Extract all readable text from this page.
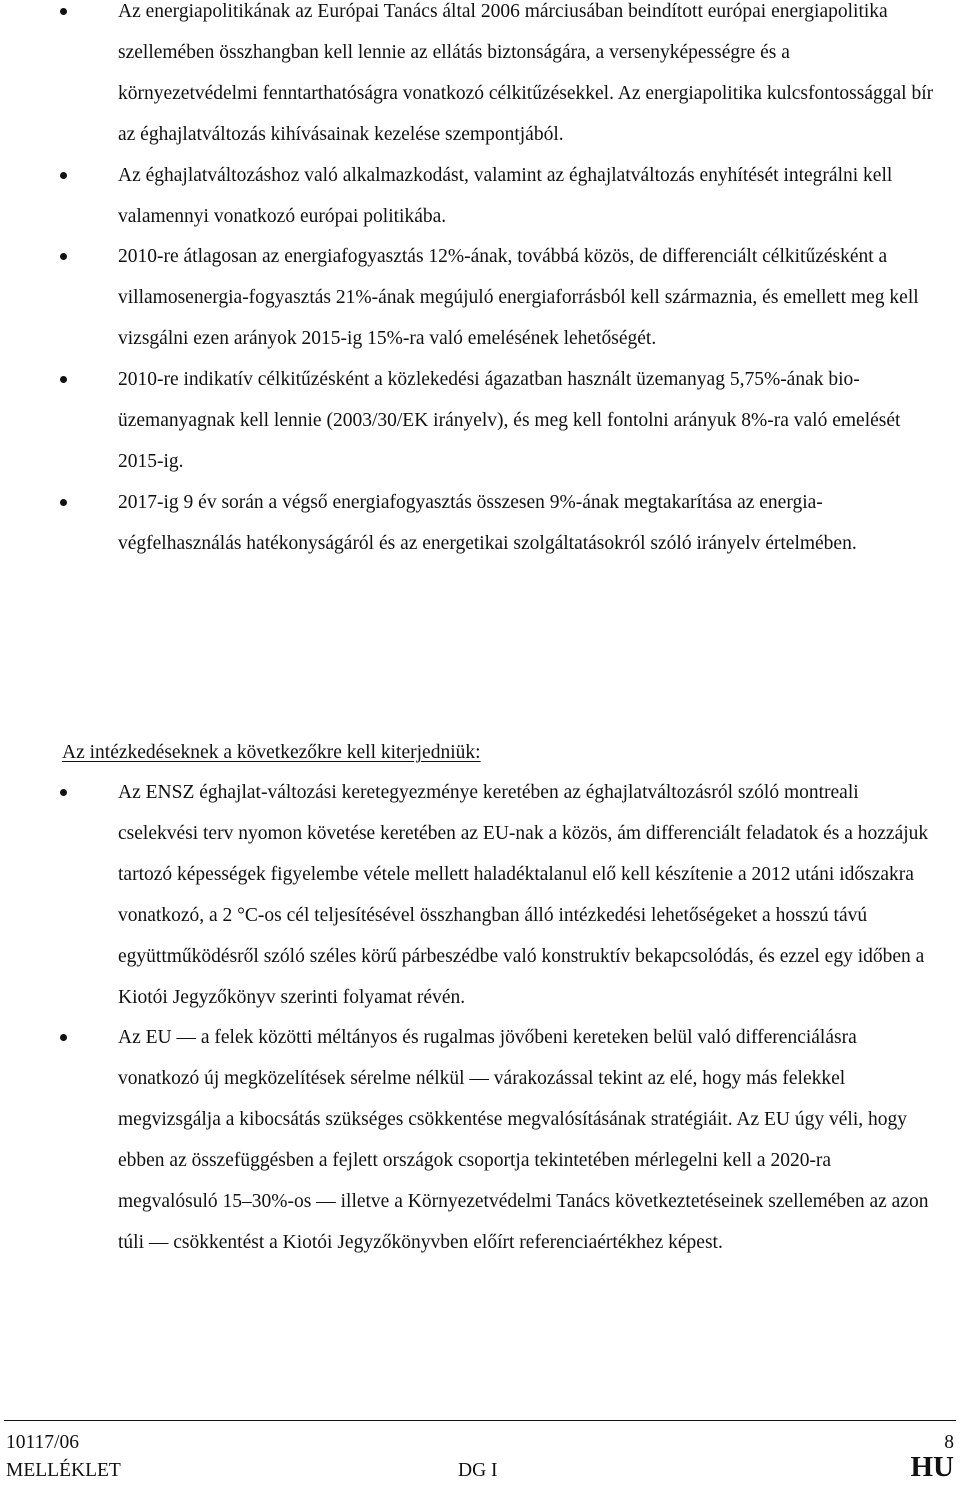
Az energiapolitikának az Európai Tanács által 2006 márciusában beindított európai energiapolitika szellemében összhangban kell lennie az ellátás biztonságára, a versenyképességre és a környezetvédelmi fenntarthatóságra vonatkozó célkitűzésekkel. Az energiapolitika kulcsfontossággal bír az éghajlatváltozás kihívásainak kezelése szempontjából.
Az éghajlatváltozáshoz való alkalmazkodást, valamint az éghajlatváltozás enyhítését integrálni kell valamennyi vonatkozó európai politikába.
2010-re átlagosan az energiafogyasztás 12%-ának, továbbá közös, de differenciált célkitűzésként a villamosenergia-fogyasztás 21%-ának megújuló energiaforrásból kell származnia, és emellett meg kell vizsgálni ezen arányok 2015-ig 15%-ra való emelésének lehetőségét.
2010-re indikatív célkitűzésként a közlekedési ágazatban használt üzemanyag 5,75%-ának bio-üzemanyagnak kell lennie (2003/30/EK irányelv), és meg kell fontolni arányuk 8%-ra való emelését 2015-ig.
2017-ig 9 év során a végső energiafogyasztás összesen 9%-ának megtakarítása az energia-végfelhasználás hatékonyságáról és az energetikai szolgáltatásokról szóló irányelv értelmében.
Az intézkedéseknek a következőkre kell kiterjedniük:
Az ENSZ éghajlat-változási keretegyezménye keretében az éghajlatváltozásról szóló montreali cselekvési terv nyomon követése keretében az EU-nak a közös, ám differenciált feladatok és a hozzájuk tartozó képességek figyelembe vétele mellett haladéktalanul elő kell készítenie a 2012 utáni időszakra vonatkozó, a 2 °C-os cél teljesítésével összhangban álló intézkedési lehetőségeket a hosszú távú együttműködésről szóló széles körű párbeszédbe való konstruktív bekapcsolódás, és ezzel egy időben a Kiotói Jegyzőkönyv szerinti folyamat révén.
Az EU — a felek közötti méltányos és rugalmas jövőbeni kereteken belül való differenciálásra vonatkozó új megközelítések sérelme nélkül — várakozással tekint az elé, hogy más felekkel megvizsgálja a kibocsátás szükséges csökkentése megvalósításának stratégiáit. Az EU úgy véli, hogy ebben az összefüggésben a fejlett országok csoportja tekintetében mérlegelni kell a 2020-ra megvalósuló 15–30%-os — illetve a Környezetvédelmi Tanács következtetéseinek szellemében az azon túli — csökkentést a Kiotói Jegyzőkönyvben előírt referenciaértékhez képest.
10117/06
MELLÉKLET	DG I
8
HU
